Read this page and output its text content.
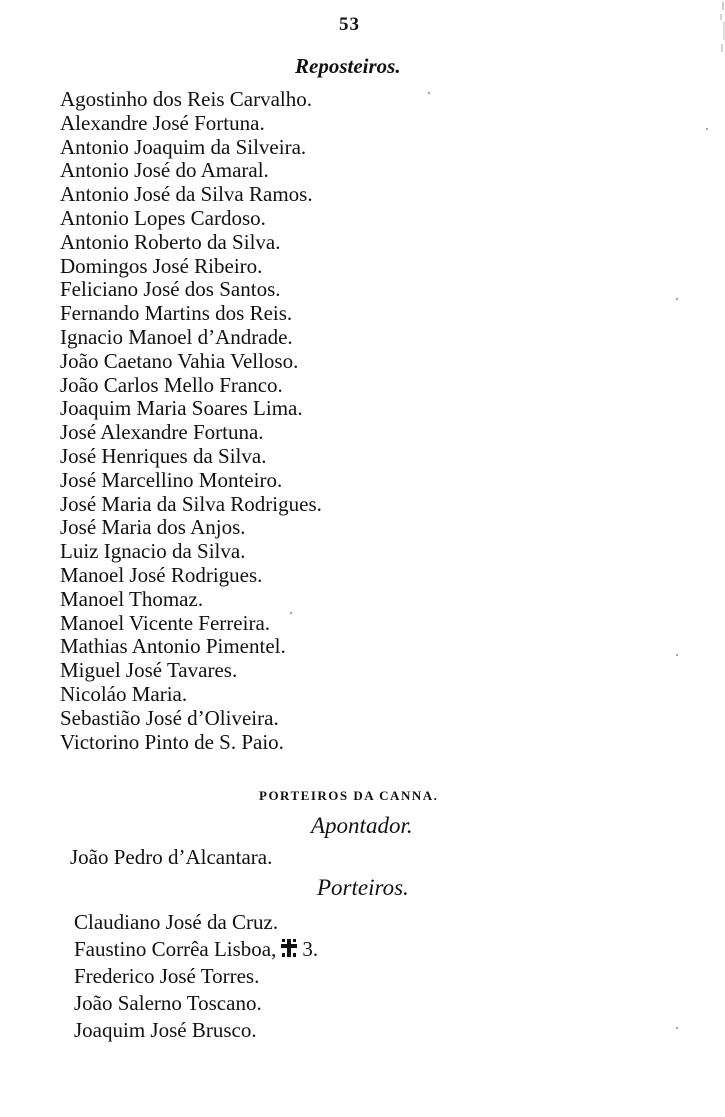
53
Reposteiros.
Agostinho dos Reis Carvalho.
Alexandre José Fortuna.
Antonio Joaquim da Silveira.
Antonio José do Amaral.
Antonio José da Silva Ramos.
Antonio Lopes Cardoso.
Antonio Roberto da Silva.
Domingos José Ribeiro.
Feliciano José dos Santos.
Fernando Martins dos Reis.
Ignacio Manoel d’Andrade.
João Caetano Vahia Velloso.
João Carlos Mello Franco.
Joaquim Maria Soares Lima.
José Alexandre Fortuna.
José Henriques da Silva.
José Marcellino Monteiro.
José Maria da Silva Rodrigues.
José Maria dos Anjos.
Luiz Ignacio da Silva.
Manoel José Rodrigues.
Manoel Thomaz.
Manoel Vicente Ferreira.
Mathias Antonio Pimentel.
Miguel José Tavares.
Nicoláo Maria.
Sebastião José d’Oliveira.
Victorino Pinto de S. Paio.
PORTEIROS DA CANNA.
Apontador.
João Pedro d’Alcantara.
Porteiros.
Claudiano José da Cruz.
Faustino Corrêa Lisboa, 3.
Frederico José Torres.
João Salerno Toscano.
Joaquim José Brusco.
